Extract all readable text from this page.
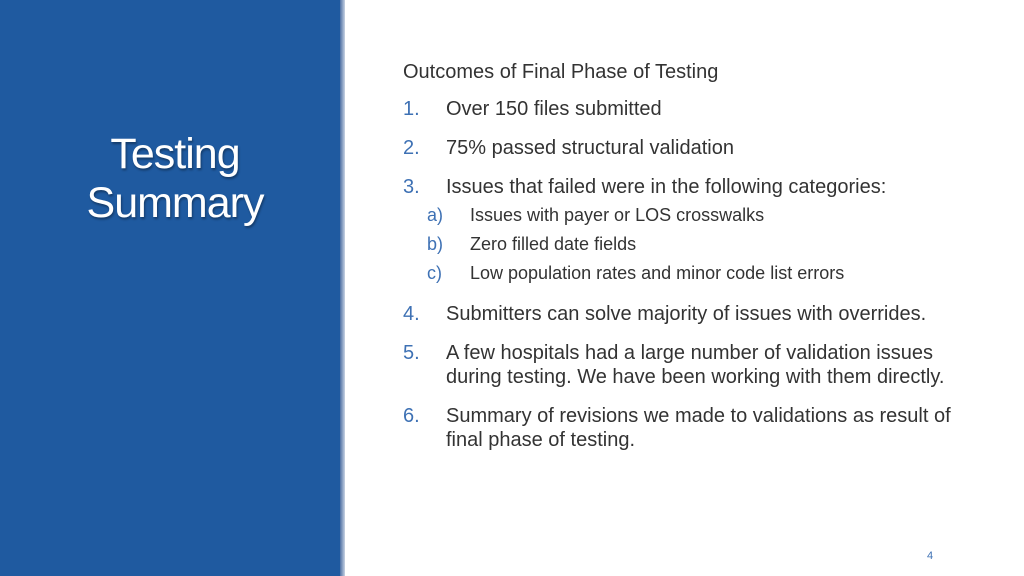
Testing
Summary
Outcomes of Final Phase of Testing
1.	Over 150 files submitted
2.	75% passed structural validation
3.	Issues that failed were in the following categories:
a)	Issues with payer or LOS crosswalks
b)	Zero filled date fields
c)	Low population rates and minor code list errors
4.	Submitters can solve majority of issues with overrides.
5.	A few hospitals had a large number of validation issues during testing. We have been working with them directly.
6.	Summary of revisions we made to validations as result of final phase of testing.
4
